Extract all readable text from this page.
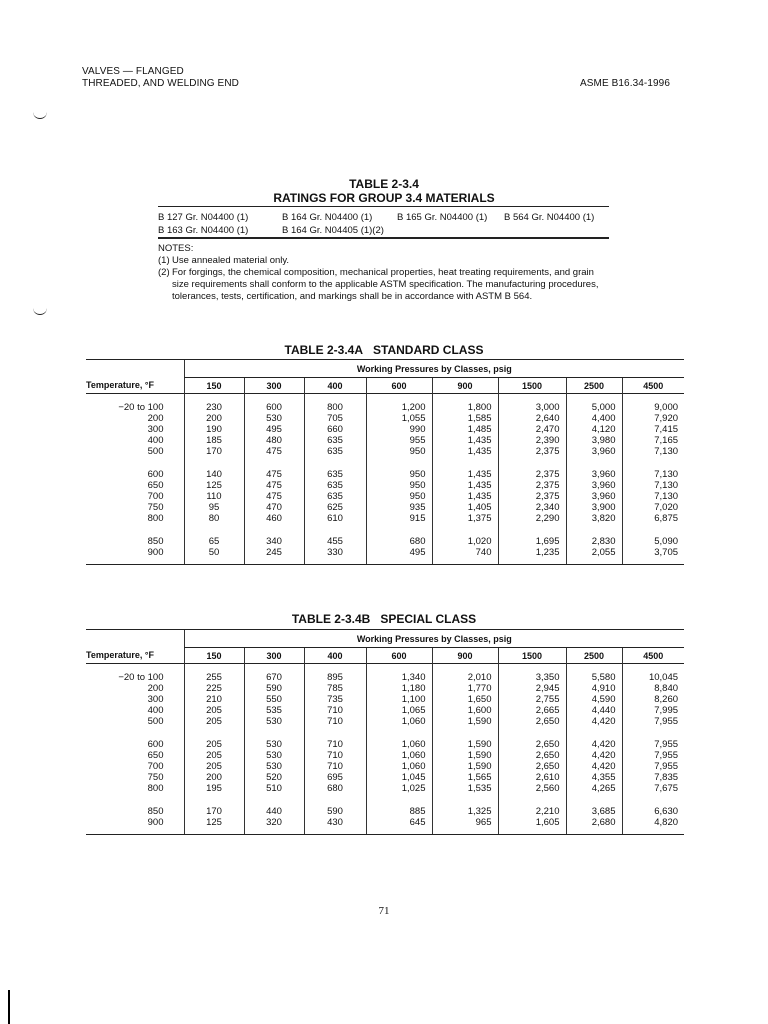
VALVES — FLANGED
THREADED, AND WELDING END	ASME B16.34-1996
TABLE 2-3.4
RATINGS FOR GROUP 3.4 MATERIALS
B 127 Gr. N04400 (1)	B 164 Gr. N04400 (1)	B 165 Gr. N04400 (1) B 564 Gr. N04400 (1)
B 163 Gr. N04400 (1)	B 164 Gr. N04405 (1)(2)
NOTES:
(1) Use annealed material only.
(2) For forgings, the chemical composition, mechanical properties, heat treating requirements, and grain size requirements shall conform to the applicable ASTM specification. The manufacturing procedures, tolerances, tests, certification, and markings shall be in accordance with ASTM B 564.
TABLE 2-3.4A STANDARD CLASS
	Working Pressures by Classes, psig							
Temperature, °F	150	300	400	600	900	1500	2500	4500
−20 to 100	230	600	800	1,200	1,800	3,000	5,000	9,000
200	200	530	705	1,055	1,585	2,640	4,400	7,920
300	190	495	660	990	1,485	2,470	4,120	7,415
400	185	480	635	955	1,435	2,390	3,980	7,165
500	170	475	635	950	1,435	2,375	3,960	7,130
600	140	475	635	950	1,435	2,375	3,960	7,130
650	125	475	635	950	1,435	2,375	3,960	7,130
700	110	475	635	950	1,435	2,375	3,960	7,130
750	95	470	625	935	1,405	2,340	3,900	7,020
800	80	460	610	915	1,375	2,290	3,820	6,875
850	65	340	455	680	1,020	1,695	2,830	5,090
900	50	245	330	495	740	1,235	2,055	3,705
TABLE 2-3.4B SPECIAL CLASS
	Working Pressures by Classes, psig							
Temperature, °F	150	300	400	600	900	1500	2500	4500
−20 to 100	255	670	895	1,340	2,010	3,350	5,580	10,045
200	225	590	785	1,180	1,770	2,945	4,910	8,840
300	210	550	735	1,100	1,650	2,755	4,590	8,260
400	205	535	710	1,065	1,600	2,665	4,440	7,995
500	205	530	710	1,060	1,590	2,650	4,420	7,955
600	205	530	710	1,060	1,590	2,650	4,420	7,955
650	205	530	710	1,060	1,590	2,650	4,420	7,955
700	205	530	710	1,060	1,590	2,650	4,420	7,955
750	200	520	695	1,045	1,565	2,610	4,355	7,835
800	195	510	680	1,025	1,535	2,560	4,265	7,675
850	170	440	590	885	1,325	2,210	3,685	6,630
900	125	320	430	645	965	1,605	2,680	4,820
71
